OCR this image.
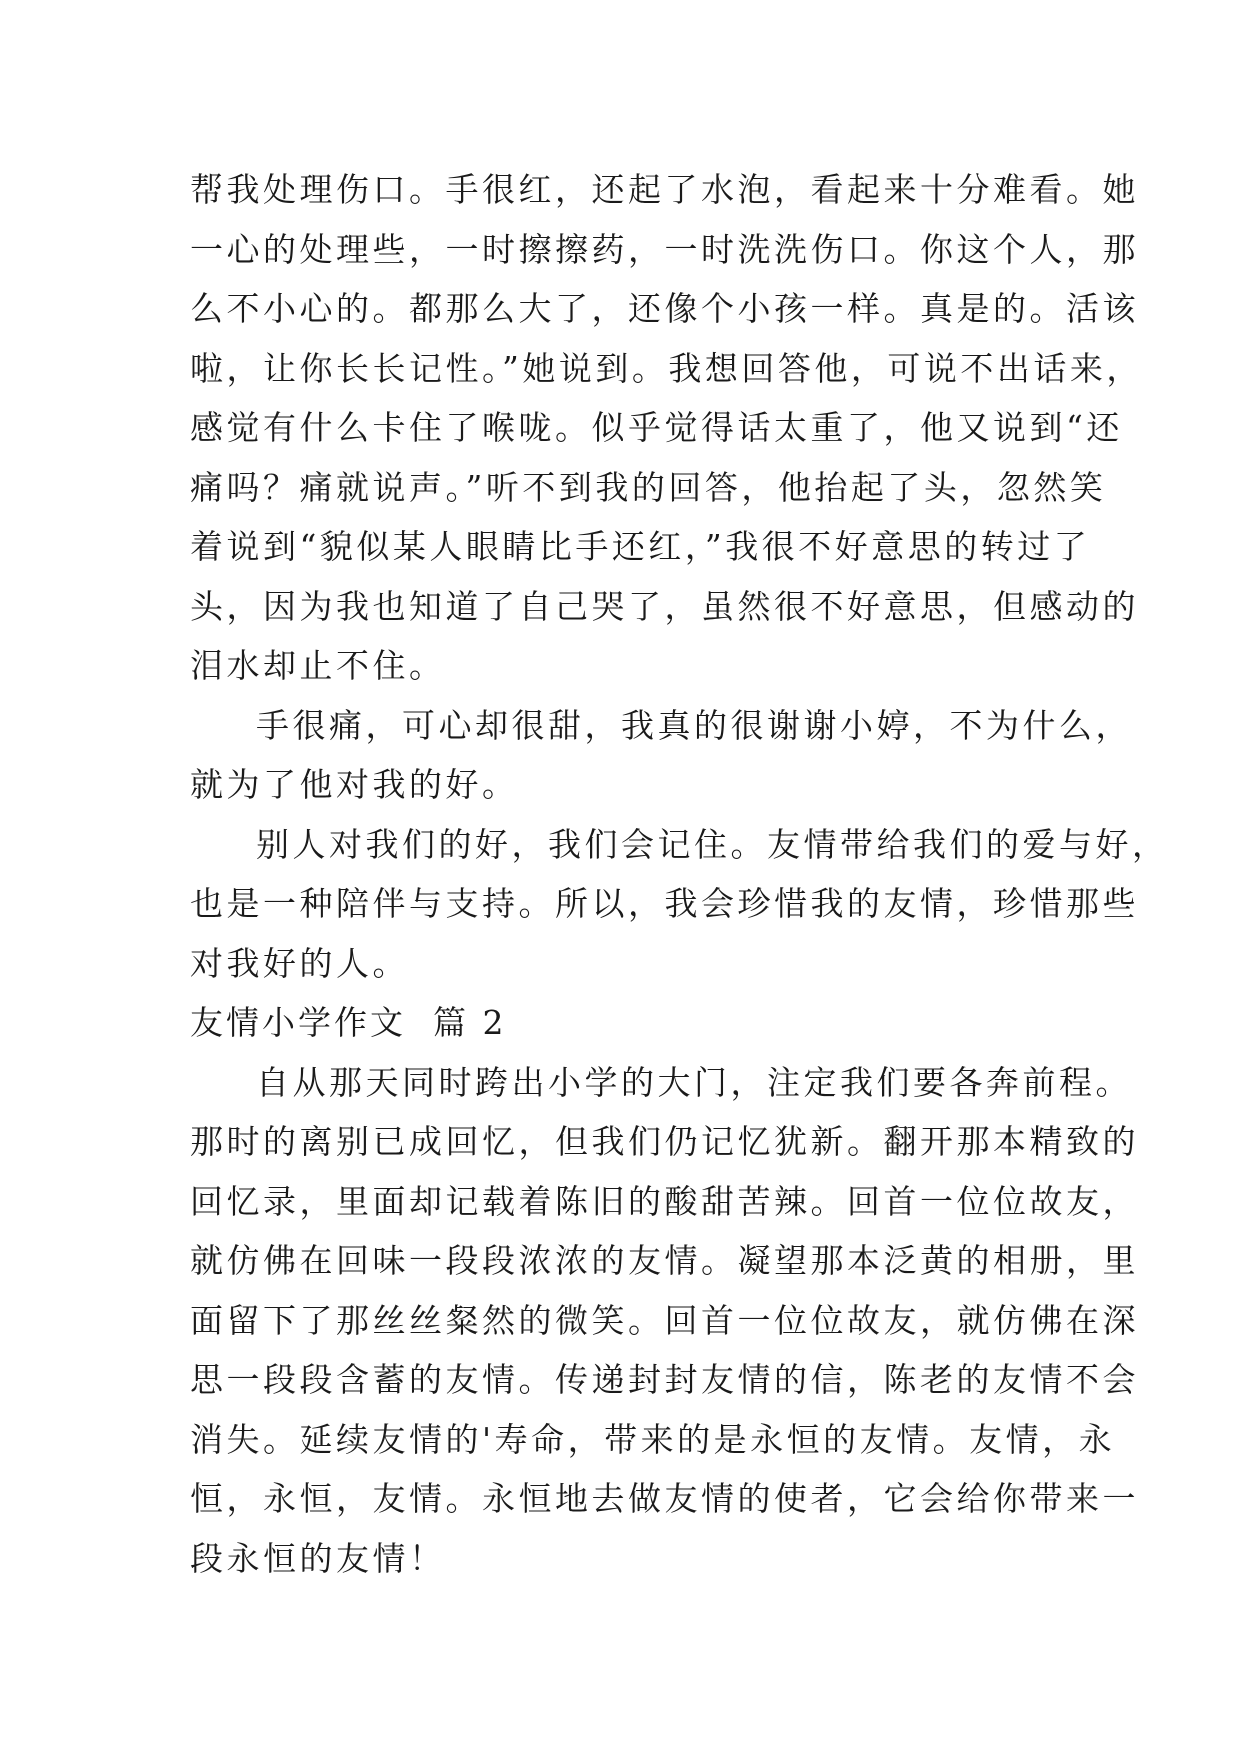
帮我处理伤口。手很红，还起了水泡，看起来十分难看。她
一心的处理些，一时擦擦药，一时洗洗伤口。你这个人，那
么不小心的。都那么大了，还像个小孩一样。真是的。活该
啦，让你长长记性。”她说到。我想回答他，可说不出话来，
感觉有什么卡住了喉咙。似乎觉得话太重了，他又说到“还
痛吗？痛就说声。”听不到我的回答，他抬起了头，忽然笑
着说到“貌似某人眼睛比手还红，”我很不好意思的转过了
头，因为我也知道了自己哭了，虽然很不好意思，但感动的
泪水却止不住。
手很痛，可心却很甜，我真的很谢谢小婷，不为什么，
就为了他对我的好。
别人对我们的好，我们会记住。友情带给我们的爱与好，
也是一种陪伴与支持。所以，我会珍惜我的友情，珍惜那些
对我好的人。
友情小学作文  篇 2
自从那天同时跨出小学的大门，注定我们要各奔前程。
那时的离别已成回忆，但我们仍记忆犹新。翻开那本精致的
回忆录，里面却记载着陈旧的酸甜苦辣。回首一位位故友，
就仿佛在回味一段段浓浓的友情。凝望那本泛黄的相册，里
面留下了那丝丝粲然的微笑。回首一位位故友，就仿佛在深
思一段段含蓄的友情。传递封封友情的信，陈老的友情不会
消失。延续友情的'寿命，带来的是永恒的友情。友情，永
恒，永恒，友情。永恒地去做友情的使者，它会给你带来一
段永恒的友情！
